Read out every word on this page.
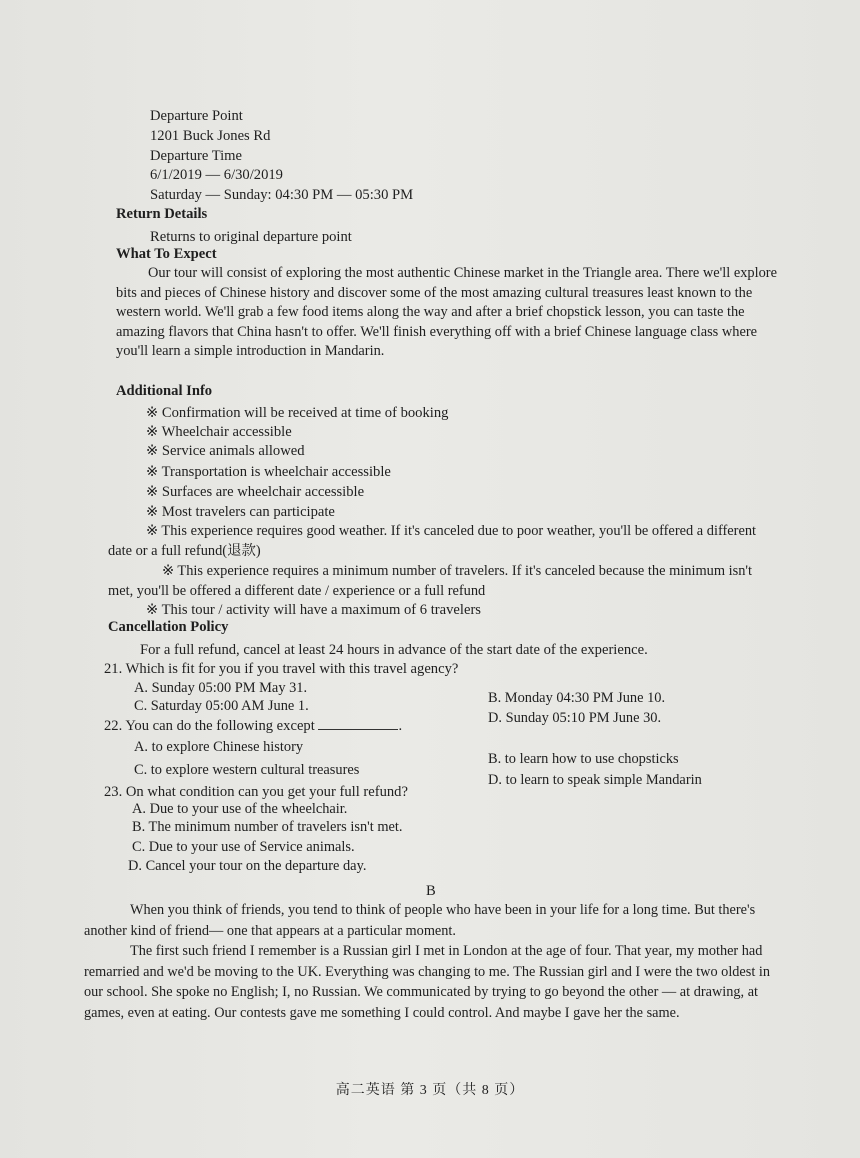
Departure Point
1201 Buck Jones Rd
Departure Time
6/1/2019 — 6/30/2019
Saturday — Sunday: 04:30 PM — 05:30 PM
Return Details
Returns to original departure point
What To Expect

Our tour will consist of exploring the most authentic Chinese market in the Triangle area. There we'll explore bits and pieces of Chinese history and discover some of the most amazing cultural treasures least known to the western world. We'll grab a few food items along the way and after a brief chopstick lesson, you can taste the amazing flavors that China hasn't to offer. We'll finish everything off with a brief Chinese language class where you'll learn a simple introduction in Mandarin.

Additional Info
※ Confirmation will be received at time of booking
※ Wheelchair accessible
※ Service animals allowed
※ Transportation is wheelchair accessible
※ Surfaces are wheelchair accessible
※ Most travelers can participate

※ This experience requires good weather. If it's canceled due to poor weather, you'll be offered a different date or a full refund(退款)

※ This experience requires a minimum number of travelers. If it's canceled because the minimum isn't met, you'll be offered a different date / experience or a full refund

※ This tour / activity will have a maximum of 6 travelers
Cancellation Policy
For a full refund, cancel at least 24 hours in advance of the start date of the experience.
21. Which is fit for you if you travel with this travel agency?
A. Sunday 05:00 PM May 31.
B. Monday 04:30 PM June 10.
C. Saturday 05:00 AM June 1.
D. Sunday 05:10 PM June 30.
22. You can do the following except	.
A. to explore Chinese history
B. to learn how to use chopsticks
C. to explore western cultural treasures
D. to learn to speak simple Mandarin
23. On what condition can you get your full refund?
A. Due to your use of the wheelchair.
B. The minimum number of travelers isn't met.
C. Due to your use of Service animals.
D. Cancel your tour on the departure day.
B

When you think of friends, you tend to think of people who have been in your life for a long time. But there's another kind of friend— one that appears at a particular moment.

The first such friend I remember is a Russian girl I met in London at the age of four. That year, my mother had remarried and we'd be moving to the UK. Everything was changing to me. The Russian girl and I were the two oldest in our school. She spoke no English; I, no Russian. We communicated by trying to go beyond the other — at drawing, at games, even at eating. Our contests gave me something I could control. And maybe I gave her the same.

高二英语 第 3 页（共 8 页）
